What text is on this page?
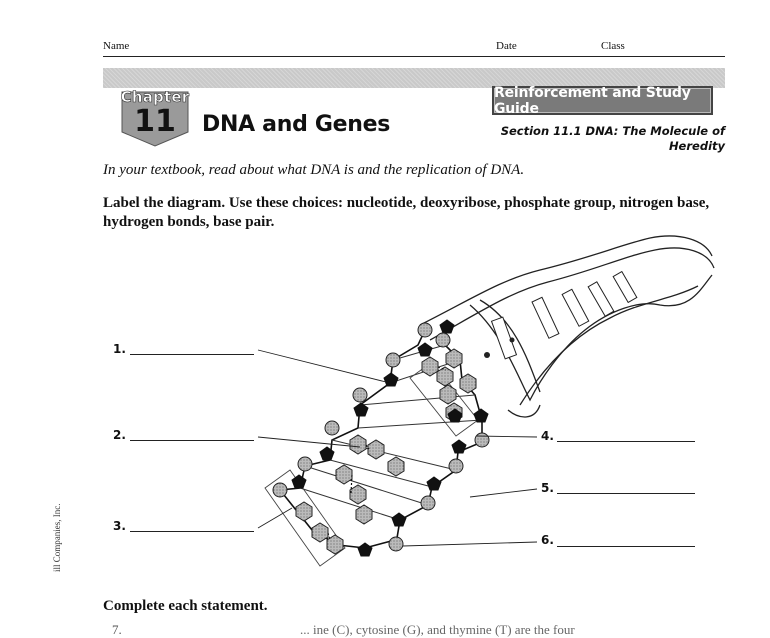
Name	Date	Class
Chapter
11	DNA and Genes
Reinforcement and Study Guide
Section 11.1 DNA: The Molecule of
Heredity
In your textbook, read about what DNA is and the replication of DNA.
Label the diagram. Use these choices: nucleotide, deoxyribose, phosphate group, nitrogen base, hydrogen bonds, base pair.
1.
2.
3.
4.
5.
6.
Complete each statement.
ill Companies, Inc.
7.	... ine (C), cytosine (G), and thymine (T) are the four
